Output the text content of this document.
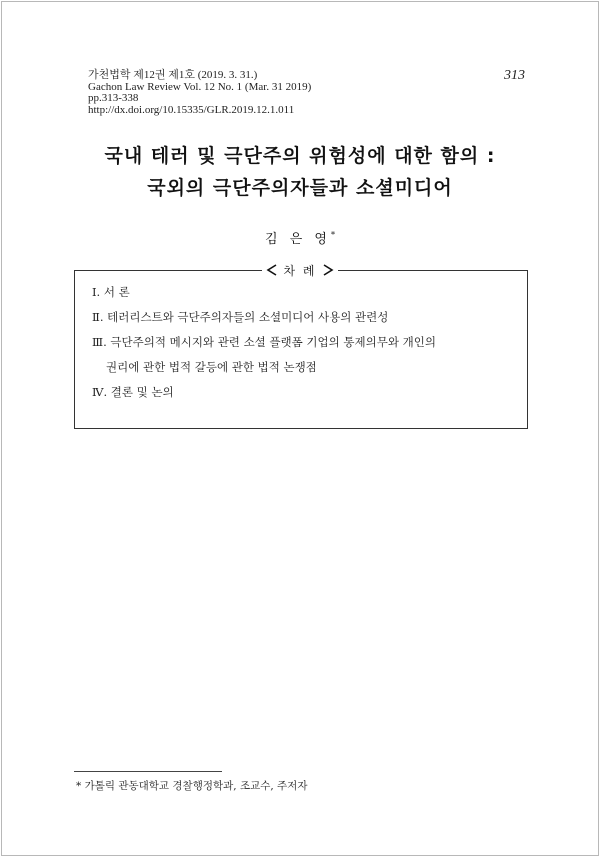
가천법학 제12권 제1호 (2019. 3. 31.)
Gachon Law Review Vol. 12 No. 1 (Mar. 31 2019)
pp.313-338
http://dx.doi.org/10.15335/GLR.2019.12.1.011
313
국내 테러 및 극단주의 위험성에 대한 함의 :
국외의 극단주의자들과 소셜미디어
김 은 영*
차 례
Ⅰ. 서 론
Ⅱ. 테러리스트와 극단주의자들의 소셜미디어 사용의 관련성
Ⅲ. 극단주의적 메시지와 관련 소셜 플랫폼 기업의 통제의무와 개인의
권리에 관한 법적 갈등에 관한 법적 논쟁점
Ⅳ. 결론 및 논의
* 가톨릭 관동대학교 경찰행정학과, 조교수, 주저자
